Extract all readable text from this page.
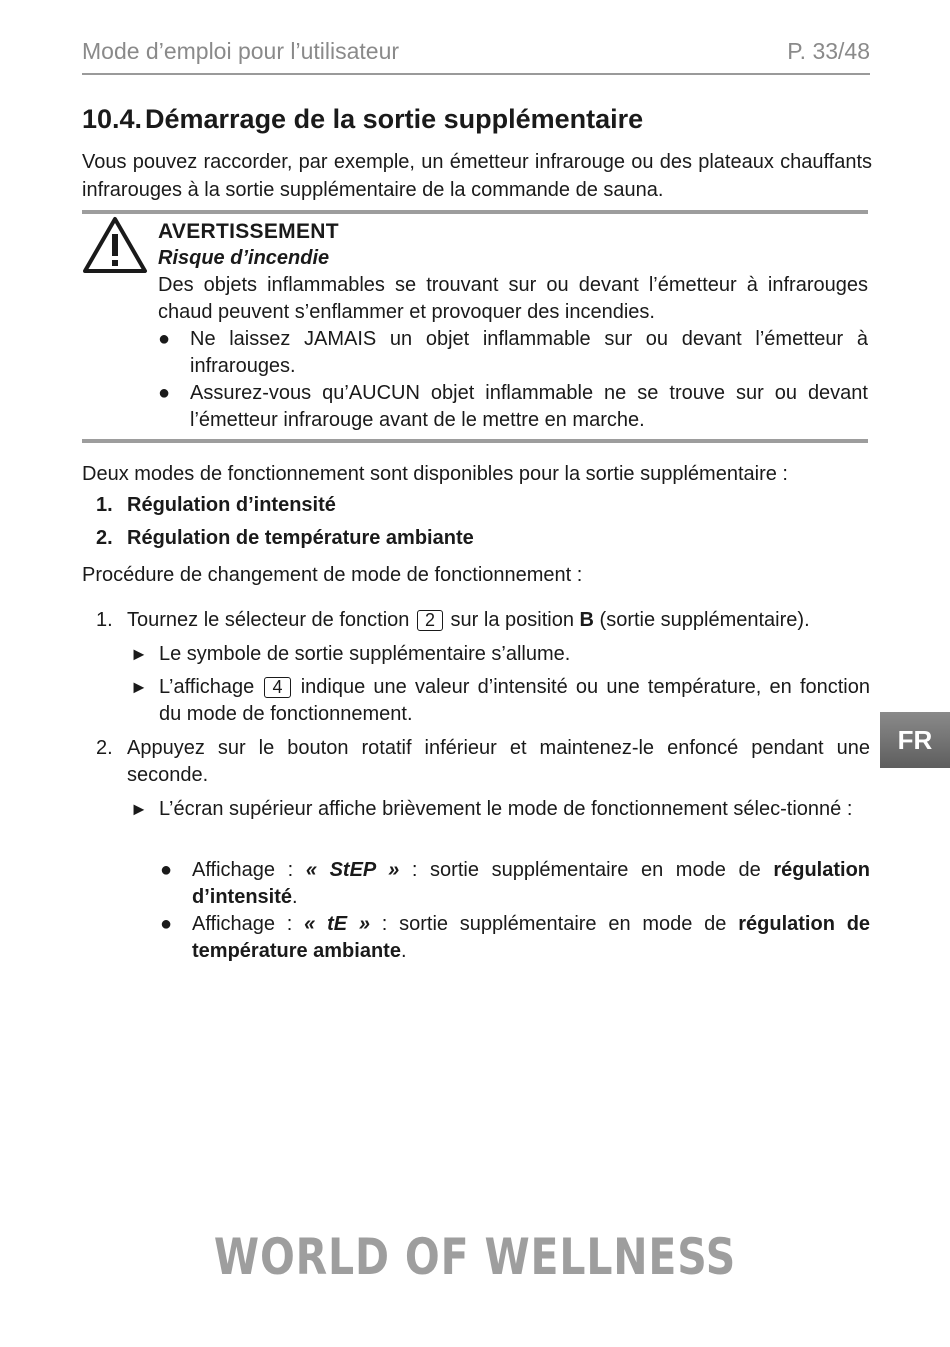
Mode d’emploi pour l’utilisateur	P. 33/48
10.4. Démarrage de la sortie supplémentaire
Vous pouvez raccorder, par exemple, un émetteur infrarouge ou des plateaux chauffants infrarouges à la sortie supplémentaire de la commande de sauna.
AVERTISSEMENT
Risque d’incendie
Des objets inflammables se trouvant sur ou devant l’émetteur à infrarouges chaud peuvent s’enflammer et provoquer des incendies.
● Ne laissez JAMAIS un objet inflammable sur ou devant l’émetteur à infrarouges.
● Assurez-vous qu’AUCUN objet inflammable ne se trouve sur ou devant l’émetteur infrarouge avant de le mettre en marche.
Deux modes de fonctionnement sont disponibles pour la sortie supplémentaire :
1. Régulation d’intensité
2. Régulation de température ambiante
Procédure de changement de mode de fonctionnement :
1. Tournez le sélecteur de fonction 2 sur la position B (sortie supplémentaire).
► Le symbole de sortie supplémentaire s’allume.
► L’affichage 4 indique une valeur d’intensité ou une température, en fonction du mode de fonctionnement.
2. Appuyez sur le bouton rotatif inférieur et maintenez-le enfoncé pendant une seconde.
► L’écran supérieur affiche brièvement le mode de fonctionnement sélec-tionné :
● Affichage : « StEP » : sortie supplémentaire en mode de régulation d’intensité.
● Affichage : « tE » : sortie supplémentaire en mode de régulation de température ambiante.
FR
WORLD OF WELLNESS
